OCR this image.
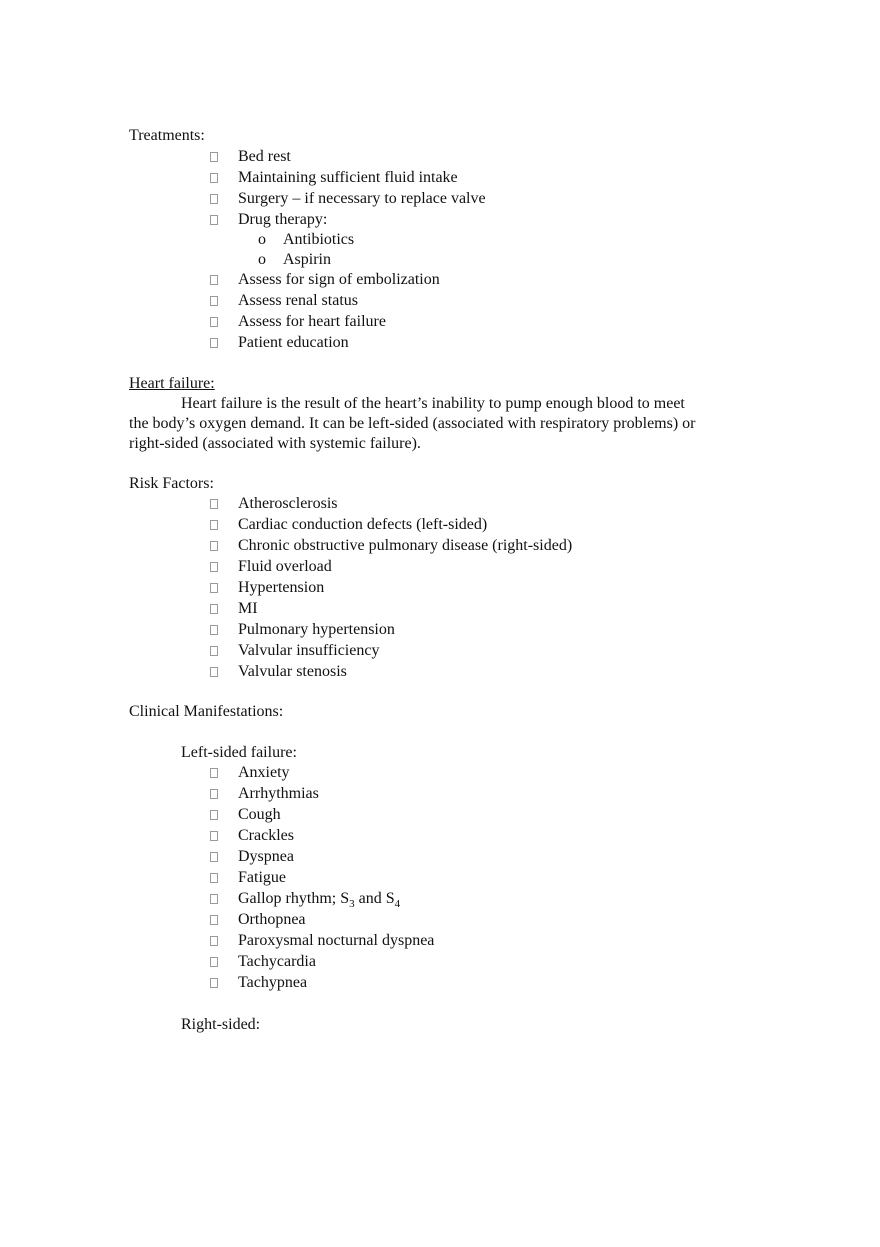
Treatments:
Bed rest
Maintaining sufficient fluid intake
Surgery – if necessary to replace valve
Drug therapy:
o Antibiotics
o Aspirin
Assess for sign of embolization
Assess renal status
Assess for heart failure
Patient education
Heart failure:
Heart failure is the result of the heart’s inability to pump enough blood to meet
the body’s oxygen demand. It can be left-sided (associated with respiratory problems) or
right-sided (associated with systemic failure).
Risk Factors:
Atherosclerosis
Cardiac conduction defects (left-sided)
Chronic obstructive pulmonary disease (right-sided)
Fluid overload
Hypertension
MI
Pulmonary hypertension
Valvular insufficiency
Valvular stenosis
Clinical Manifestations:
Left-sided failure:
Anxiety
Arrhythmias
Cough
Crackles
Dyspnea
Fatigue
Gallop rhythm; $S_3$ and $S_4$
Orthopnea
Paroxysmal nocturnal dyspnea
Tachycardia
Tachypnea
Right-sided:
